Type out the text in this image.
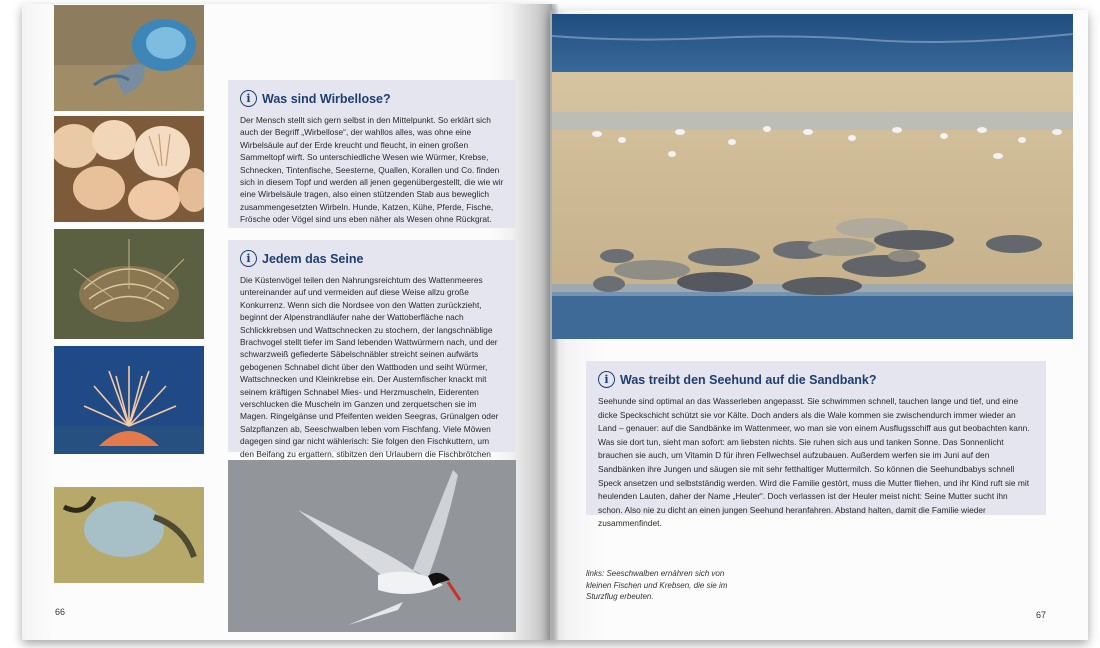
i Was sind Wirbellose?

Der Mensch stellt sich gern selbst in den Mittelpunkt. So erklärt sich auch der Begriff „Wirbellose“, der wahllos alles, was ohne eine Wirbelsäule auf der Erde kreucht und fleucht, in einen großen Sammeltopf wirft. So unterschiedliche Wesen wie Würmer, Krebse, Schnecken, Tintenfische, Seesterne, Quallen, Korallen und Co. finden sich in diesem Topf und werden all jenen gegenübergestellt, die wie wir eine Wirbelsäule tragen, also einen stützenden Stab aus beweglich zusammengesetzten Wirbeln. Hunde, Katzen, Kühe, Pferde, Fische, Frösche oder Vögel sind uns eben näher als Wesen ohne Rückgrat.

i Jedem das Seine

Die Küstenvögel teilen den Nahrungsreichtum des Wattenmeeres untereinander auf und vermeiden auf diese Weise allzu große Konkurrenz. Wenn sich die Nordsee von den Watten zurückzieht, beginnt der Alpenstrandläufer nahe der Wattoberfläche nach Schlickkrebsen und Wattschnecken zu stochern, der langschnäblige Brachvogel stellt tiefer im Sand lebenden Wattwürmern nach, und der schwarzweiß gefiederte Säbelschnäbler streicht seinen aufwärts gebogenen Schnabel dicht über den Wattboden und seiht Würmer, Wattschnecken und Kleinkrebse ein. Der Austernfischer knackt mit seinem kräftigen Schnabel Mies- und Herzmuscheln, Eiderenten verschlucken die Muscheln im Ganzen und zerquetschen sie im Magen. Ringelgänse und Pfeifenten weiden Seegras, Grünalgen oder Salzpflanzen ab, Seeschwalben leben vom Fischfang. Viele Möwen dagegen sind gar nicht wählerisch: Sie folgen den Fischkuttern, um den Beifang zu ergattern, stibitzen den Urlaubern die Fischbrötchen

66
i Was treibt den Seehund auf die Sandbank?

Seehunde sind optimal an das Wasserleben angepasst. Sie schwimmen schnell, tauchen lange und tief, und eine dicke Speckschicht schützt sie vor Kälte. Doch anders als die Wale kommen sie zwischendurch immer wieder an Land – genauer: auf die Sandbänke im Wattenmeer, wo man sie von einem Ausflugsschiff aus gut beobachten kann. Was sie dort tun, sieht man sofort: am liebsten nichts. Sie ruhen sich aus und tanken Sonne. Das Sonnenlicht brauchen sie auch, um Vitamin D für ihren Fellwechsel aufzubauen. Außerdem werfen sie im Juni auf den Sandbänken ihre Jungen und säugen sie mit sehr fetthaltiger Muttermilch. So können die Seehundbabys schnell Speck ansetzen und selbstständig werden. Wird die Familie gestört, muss die Mutter fliehen, und ihr Kind ruft sie mit heulenden Lauten, daher der Name „Heuler“. Doch verlassen ist der Heuler meist nicht: Seine Mutter sucht ihn schon. Also nie zu dicht an einen jungen Seehund heranfahren. Abstand halten, damit die Familie wieder zusammenfindet.

links: Seeschwalben ernähren sich von kleinen Fischen und Krebsen, die sie im Sturzflug erbeuten.
67
